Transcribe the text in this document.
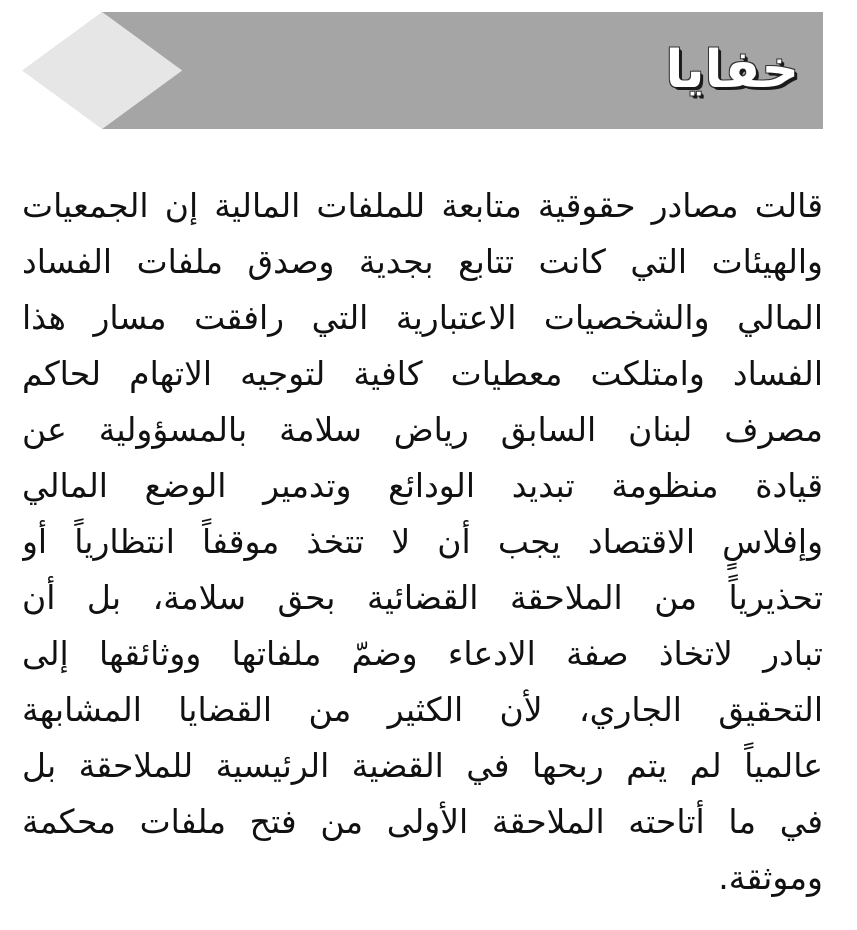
خفايا
قالت مصادر حقوقية متابعة للملفات المالية إن الجمعيات
والهيئات التي كانت تتابع بجدية وصدق ملفات الفساد
المالي والشخصيات الاعتبارية التي رافقت مسار هذا
الفساد وامتلكت معطيات كافية لتوجيه الاتهام لحاكم
مصرف لبنان السابق رياض سلامة بالمسؤولية عن
قيادة منظومة تبديد الودائع وتدمير الوضع المالي
وإفلاسٍ الاقتصاد يجب أن لا تتخذ موقفاً انتظارياً أو
تحذيرياً من الملاحقة القضائية بحق سلامة، بل أن
تبادر لاتخاذ صفة الادعاء وضمّ ملفاتها ووثائقها إلى
التحقيق الجاري، لأن الكثير من القضايا المشابهة
عالمياً لم يتم ربحها في القضية الرئيسية للملاحقة بل
في ما أتاحته الملاحقة الأولى من فتح ملفات محكمة
وموثقة.
